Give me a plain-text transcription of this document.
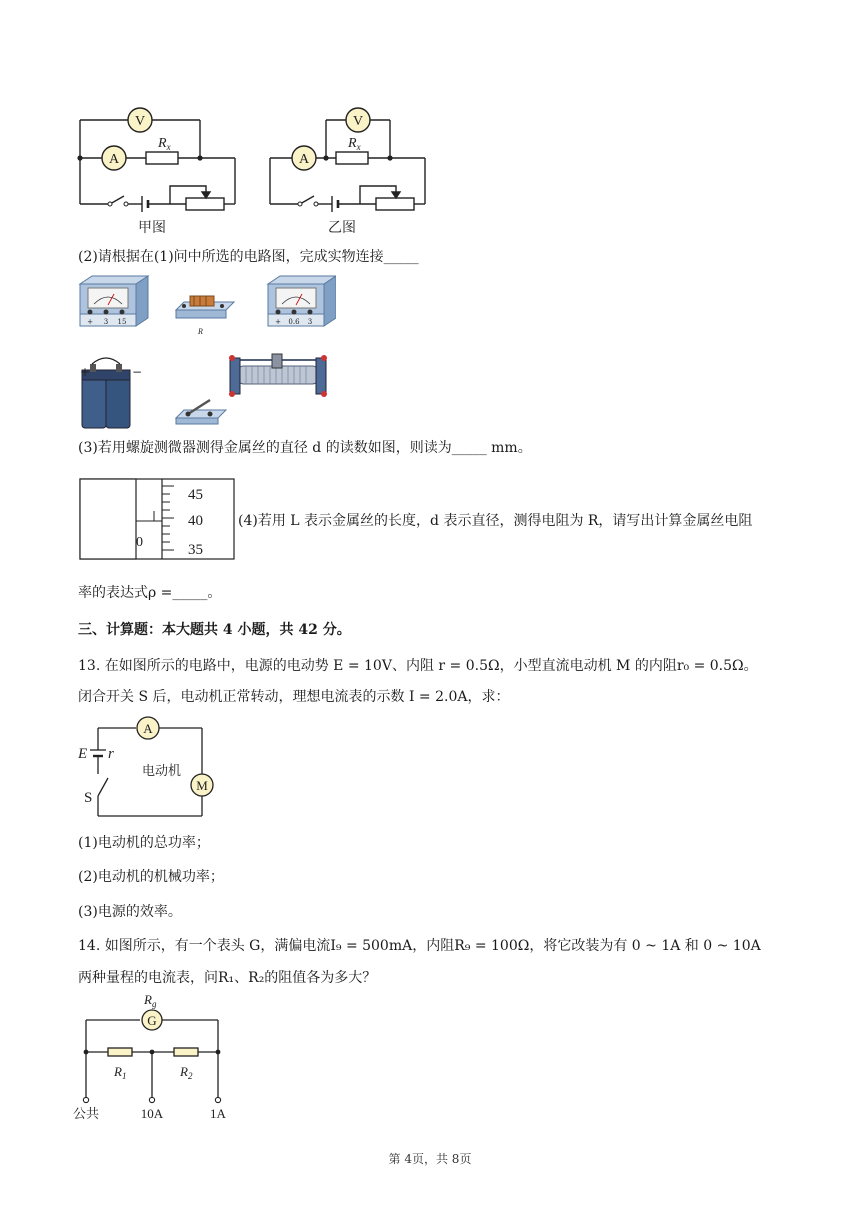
V
A
$R_x$
甲图
V
A
$R_x$
乙图
(2)请根据在(1)问中所选的电路图，完成实物连接_____
+ 3 15
R
+ 0.6 3
+	−
(3)若用螺旋测微器测得金属丝的直径 d 的读数如图，则读为_____ mm。
45
40
35
0
(4)若用 L 表示金属丝的长度，d 表示直径，测得电阻为 R，请写出计算金属丝电阻
率的表达式ρ =_____。
三、计算题：本大题共 4 小题，共 42 分。
13. 在如图所示的电路中，电源的电动势 E = 10V、内阻 r = 0.5Ω，小型直流电动机 M 的内阻r₀ = 0.5Ω。
闭合开关 S 后，电动机正常转动，理想电流表的示数 I = 2.0A，求：
A
M
E r
S
电动机
(1)电动机的总功率；
(2)电动机的机械功率；
(3)电源的效率。
14. 如图所示，有一个表头 G，满偏电流I₉ = 500mA，内阻R₉ = 100Ω，将它改装为有 0 ~ 1A 和 0 ~ 10A
两种量程的电流表，问R₁、R₂的阻值各为多大？
G
$R_g$
$R_1$	$R_2$
公共	10A	1A
第 4页，共 8页
